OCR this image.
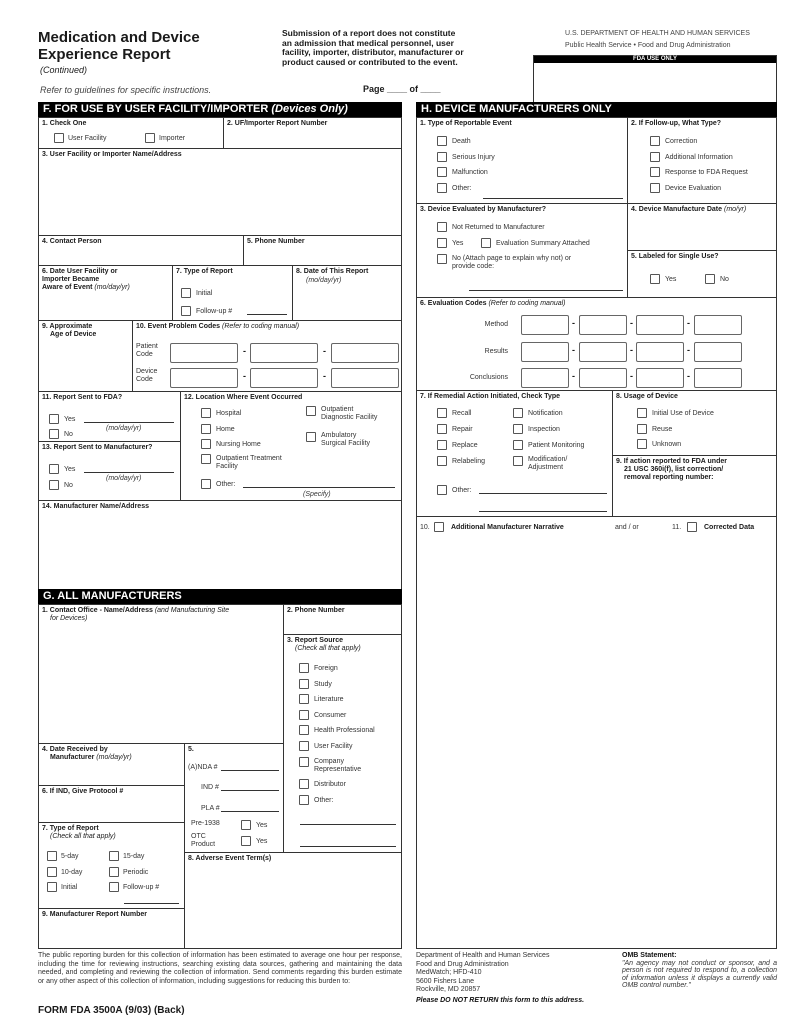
Medication and Device
Experience Report
(Continued)
Refer to guidelines for specific instructions.	Page ____ of ____
Submission of a report does not constitute
an admission that medical personnel, user
facility, importer, distributor, manufacturer or
product caused or contributed to the event.
U.S. DEPARTMENT OF HEALTH AND HUMAN SERVICES
Public Health Service • Food and Drug Administration
FDA USE ONLY
F. FOR USE BY USER FACILITY/IMPORTER (Devices Only)
1. Check One
User Facility	Importer
2. UF/Importer Report Number
3. User Facility or Importer Name/Address
4. Contact Person	5. Phone Number
6. Date User Facility or
Importer Became
Aware of Event (mo/day/yr)
7. Type of Report
Initial
Follow-up #
8. Date of This Report
(mo/day/yr)
9. Approximate
Age of Device
10. Event Problem Codes (Refer to coding manual)
Patient
Code
Device
Code
-	-
-	-
11. Report Sent to FDA?
Yes
No
(mo/day/yr)
13. Report Sent to Manufacturer?
Yes
No
(mo/day/yr)
12. Location Where Event Occurred
Hospital
Home
Nursing Home
Outpatient Treatment
Facility
Other:
(Specify)
Outpatient
Diagnostic Facility
Ambulatory
Surgical Facility
14. Manufacturer Name/Address
G. ALL MANUFACTURERS
1. Contact Office - Name/Address (and Manufacturing Site
for Devices)
2. Phone Number
3. Report Source
(Check all that apply)
Foreign
Study
Literature
Consumer
Health Professional
User Facility
Company
Representative
Distributor
Other:
4. Date Received by
Manufacturer (mo/day/yr)
5.
(A)NDA #
IND #
PLA #
Pre-1938	Yes
OTC
Product	Yes
6. If IND, Give Protocol #
7. Type of Report
(Check all that apply)
5-day
10-day
Initial
15-day
Periodic
Follow-up #
8. Adverse Event Term(s)
9. Manufacturer Report Number
H. DEVICE MANUFACTURERS ONLY
1. Type of Reportable Event
Death
Serious Injury
Malfunction
Other:
2. If Follow-up, What Type?
Correction
Additional Information
Response to FDA Request
Device Evaluation
3. Device Evaluated by Manufacturer?
Not Returned to Manufacturer
Yes	Evaluation Summary Attached
No (Attach page to explain why not) or
provide code:
4. Device Manufacture Date (mo/yr)
5. Labeled for Single Use?
Yes	No
6. Evaluation Codes (Refer to coding manual)
Method	-	-	-
Results	-	-	-
Conclusions	-	-	-
7. If Remedial Action Initiated, Check Type
Recall
Repair
Replace
Relabeling
Notification
Inspection
Patient Monitoring
Modification/
Adjustment
Other:
8. Usage of Device
Initial Use of Device
Reuse
Unknown
9. If action reported to FDA under
21 USC 360i(f), list correction/
removal reporting number:
10.	Additional Manufacturer Narrative	and / or	11.	Corrected Data
The public reporting burden for this collection of information has been estimated to average one hour per response, including the time for reviewing instructions, searching existing data sources, gathering and maintaining the data needed, and completing and reviewing the collection of information. Send comments regarding this burden estimate or any other aspect of this collection of information, including suggestions for reducing this burden to:
FORM FDA 3500A (9/03) (Back)
Department of Health and Human Services
Food and Drug Administration
MedWatch; HFD-410
5600 Fishers Lane
Rockville, MD 20857
Please DO NOT RETURN this form to this address.
OMB Statement:
"An agency may not conduct or sponsor, and a person is not required to respond to, a collection of information unless it displays a currently valid OMB control number."
